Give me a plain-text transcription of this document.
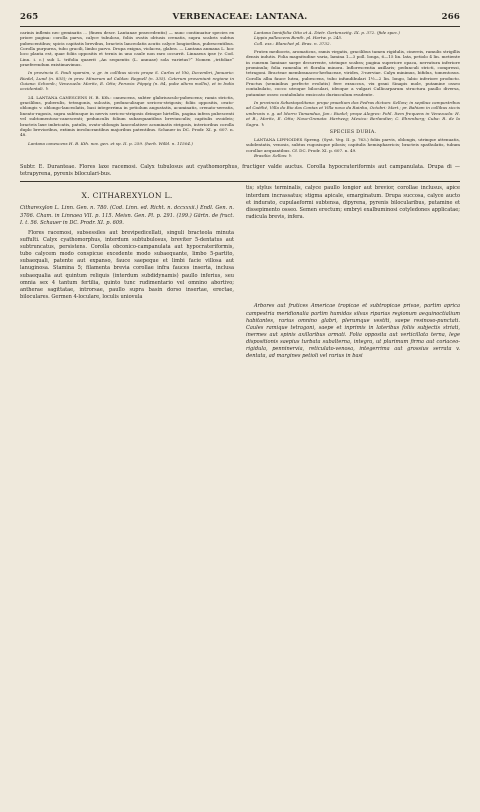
265	VERBENACEAE: LANTANA.	266

carinis inflexis nec geminatis ... (finem descr. Lantanae praecedentis) — nunc continuatur species ex priore pagina: corolla parva, calyce tubuloso, foliis ovatis obtusis crenatis, supra scabris subtus pubescentibus; spicis capitatis brevibus, bracteis lanceolatis acutis calyce longioribus, pubescentibus. Corolla purpurea, tubo gracili, limbo parvo. Drupa exigua, violacea, glabra. — Lantana anmana L. hoc loco planta est, quae foliis oppositis et ternis in uno caule non raro occurrit. Linnaeus ipse (v. Cod. Linn. i. c.) sub L. trifolia quaerit „An sequentis (L. annuae) sola varietas?“ Nomen „trifoliae“ praeferendum existimavimus.

In provincia S. Pauli sparsim, v. gr. in collibus siccis prope S. Carlos et Ytú, Decembri, Januario: Riedel, Lund (n. 835); in prov. Minarum ad Caldas: Regnell (n. 335). Ceterum proveniunt regione in Guiana: Schomb.; Venezuela: Moritz, E. Otto; Peruvia: Pöppig (n. 84, pube altera mollis), et in India occidentali. ♄

24. LANTANA CANESCENS H. B. Kth.: canescens, subter glabriusculo-pubescens; ramis strictis, gracilibus, puberulis, tetragonis, sulcatis, pedunculisque sericeo-strigosis; foliis oppositis, ovato-oblongis v. oblongo-lanceolatis, basi integerrima in petiolum angustatis, acuminatis, crenato-serratis, lineato-rugosis, supra subtusque in nervis sericeo-strigosis deinque hirtellis, pagina infera pubescenti vel subtomentoso-canescenti; pedunculis folium subaequantibus breviusculis; capitulis ovoideis; bracteis laxe imbricatis, patulis, ovato-oblongis lanceolatisve acuminatis strigosis, interioribus corolla duplo brevioribus, extimis involucrantibus majoribus patentibus. Schauer in DC. Prodr. XI. p. 607. n. 48.

Lantana canescens H. B. Kth. nov. gen. et sp. II. p. 259. (herb. Willd. n. 11504.)

Lantana lamiifolia Otto et A. Dietr. Gartenzeitg. IX. p. 372. (fide spec.)

Lippia pallescens Benth. pl. Hartw. p. 245.

Coll. exs.: Blanchet pl. Bras. n. 3732.

Frutex mediocris, aromaticus, ramis virgatis, gracilibus tamen rigidulis, cinereis, ramulis strigillis densis indutis. Folia magnitudine varia, lamina 1—3 poll. longa, 6—15 lin. lata, petiolo 4 lin. metiente in cuneum laminae saepe decurrente, utrinque scabra; pagina superiore opaca, nervatura inferiore prominula; folia ramealia et floralia minora. Inflorescentia axillaris; pedunculi stricti, compressi, tetragoni. Bracteae membranaceo-herbaceae, virides, 3-nerviae. Calyx minimus, bifidus, tomentosus. Corolla alba fauce lutea, pubescens, tubo infundibulari 1½—2 lin. longo, labio inferiore producto. Fructus (seminibus perfecte evolutis) fere exsuccus, vix grani Sinapis mole, putamine osseo contabulato, cocco utroque biloculari, ideoque a vulgari Callicarparum structura paullo diversa, putamine osseo contabulato exsiccato duriusculum evadente.

In provincia Sebastopolitana: prope praedium dos Pedras dictum: Sellow; in sepibus campestribus ad Caéthé, Villa do Rio das Contas et Villa nova da Rainha, Octobri: Mart.; pr. Bahiam in collibus siccis umbrosis v. g. ad Morro Tamandua, Jan.: Riedel; prope Alegres: Pohl. Item frequens in Venezuela: H. et B., Moritz, E. Otto; Nova-Granata: Hartweg; Mexico: Berlandier, C. Ehrenberg; Cuba: R. de la Sagra. ♄

SPECIES DUBIA.

LANTANA LIPPIOIDES Spreng. (Syst. Veg. II. p. 763.) foliis parvis, oblongis, utrinque attenuatis, subdentatis, venosis, subtus rugosisque pilosis; capitulis hemisphaericis; bracteis spathulatis, tubum corollae aequantibus. Cf. DC. Prodr. XI. p. 607. n. 49.

Brasilia: Sellow. ♄

Subtr. E. Duranteae. Flores laxe racemosi. Calyx tubulosus aut cyathomorphus, fructiger valde auctus. Corolla hypocrateriformis aut campanulata. Drupa di — tetrapyrena, pyrenis biloculari-bus.

X. CITHAREXYLON L.

Citharexylon L. Linn. Gen. n. 780. (Cod. Linn. ed. Richt. n. dccxxxii.) Endl. Gen. n. 3706. Cham. in Linnaea VII. p. 115. Meisn. Gen. Pl. p. 291. (199.) Gärtn. de fruct. I. t. 56. Schauer in DC. Prodr. XI. p. 609.

Flores racemosi, subsessiles aut brevipedicellati, singuli bracteola minuta suffulti. Calyx cyathomorphus, interdum subtubulosus, breviter 5-dentatus aut subtruncatus, persistens. Corolla obconico-campanulata aut hypocrateriformis, tubo calycem modo conspicue excedente modo subaequante, limbo 5-partito, subaequali, patente aut expanso, fauce saepeque et limbi facie villosa aut lanuginosa. Stamina 5; filamenta brevia corollae infra fauces inserta, inclusa subaequalia aut quintum reliquis (interdum subdidynamis) paullo inferius, seu omnia sex 4 tantum fertilia, quinto tunc rudimentario vel omnino abortivo; antherae sagittatae, introrsae, paullo supra basin dorso insertae, erectae, biloculares. Germen 4-loculare, loculis uniovula

tis; stylus terminalis, calyce paullo longior aut brevior, corollae inclusus, apice interdum incrassatus; stigma apicale, emarginatum. Drupa succosa, calyce aucto et indurato, cupulaeformi subtensa, dipyrena, pyrenis bilocularibus, putamine et dissepimento osseo. Semen erectum; embryi exalbuminosi cotyledones applicatae; radicula brevis, infera.

Arbores aut frutices Americae tropicae et subtropicae privae, partim aprica campestria meridionalia partim humidas silvas riparias regionum aequinoctialium habitantes, rarius omnino glabri, plerumque vestiti, saepe resinoso-punctati. Caules ramique tetragoni, saepe et inprimis in lateribus foliis subjectis striati, inermes aut spinis axillaribus armati. Folia opposita aut verticillata terna, lege dispositionis saepius turbata subalterna, integra, ut plurimum firma aut coriaceo-rigidula, penninervia, reticulato-venosa, integerrima aut grossius serrata v. dentata, ad margines petioli vel rarius in basi
